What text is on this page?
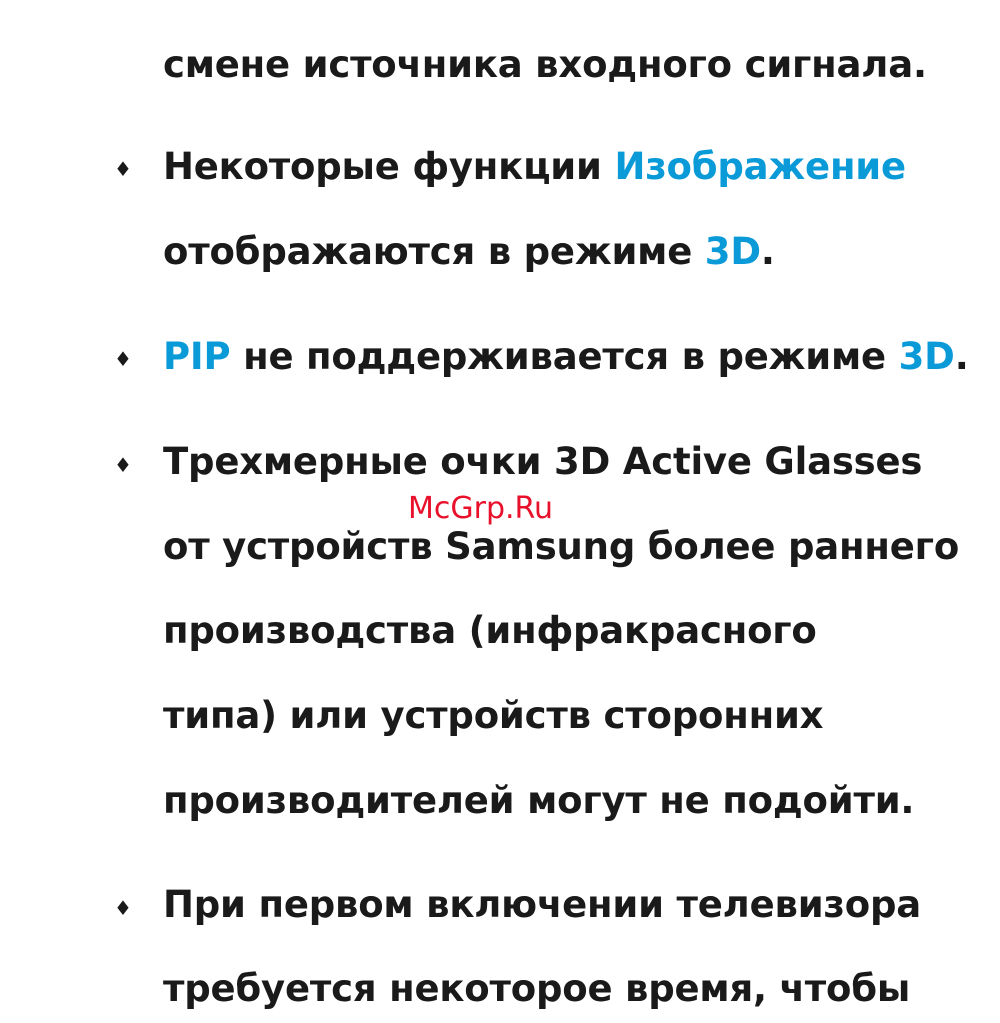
смене источника входного сигнала.
♦ Некоторые функции Изображение
отображаются в режиме 3D.
♦ PIP не поддерживается в режиме 3D.
♦ Трехмерные очки 3D Active Glasses
от устройств Samsung более раннего
производства (инфракрасного
типа) или устройств сторонних
производителей могут не подойти.
♦ При первом включении телевизора
требуется некоторое время, чтобы
McGrp.Ru
